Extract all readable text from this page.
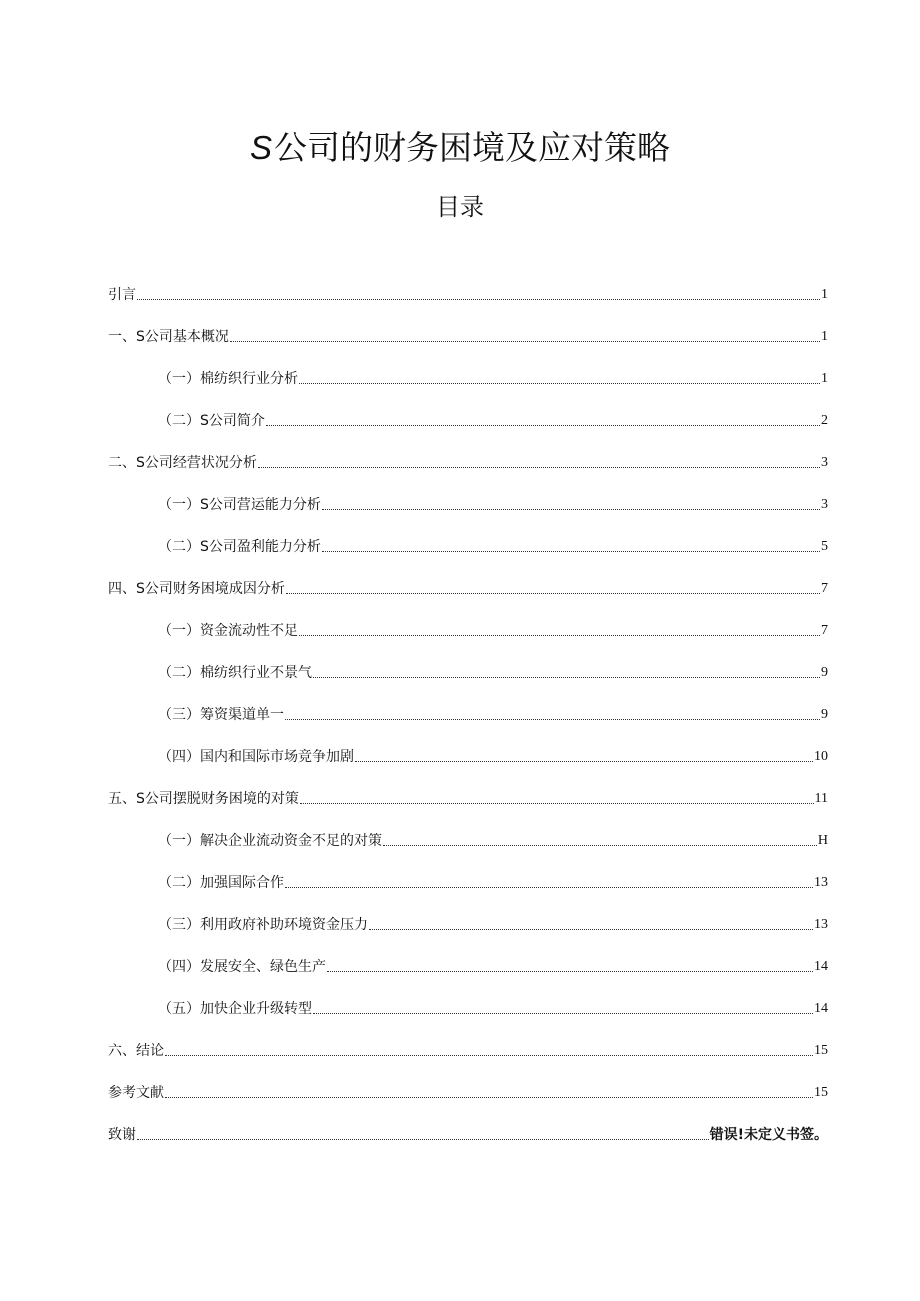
S公司的财务困境及应对策略
目录
引言	1
一、S公司基本概况	1
（一）棉纺织行业分析	1
（二）S公司简介	2
二、S公司经营状况分析	3
（一）S公司营运能力分析	3
（二）S公司盈利能力分析	5
四、S公司财务困境成因分析	7
（一）资金流动性不足	7
（二）棉纺织行业不景气	9
（三）筹资渠道单一	9
（四）国内和国际市场竞争加剧	10
五、S公司摆脱财务困境的对策	11
（一）解决企业流动资金不足的对策	H
（二）加强国际合作	13
（三）利用政府补助环境资金压力	13
（四）发展安全、绿色生产	14
（五）加快企业升级转型	14
六、结论	15
参考文献	15
致谢	错误!未定义书签。
